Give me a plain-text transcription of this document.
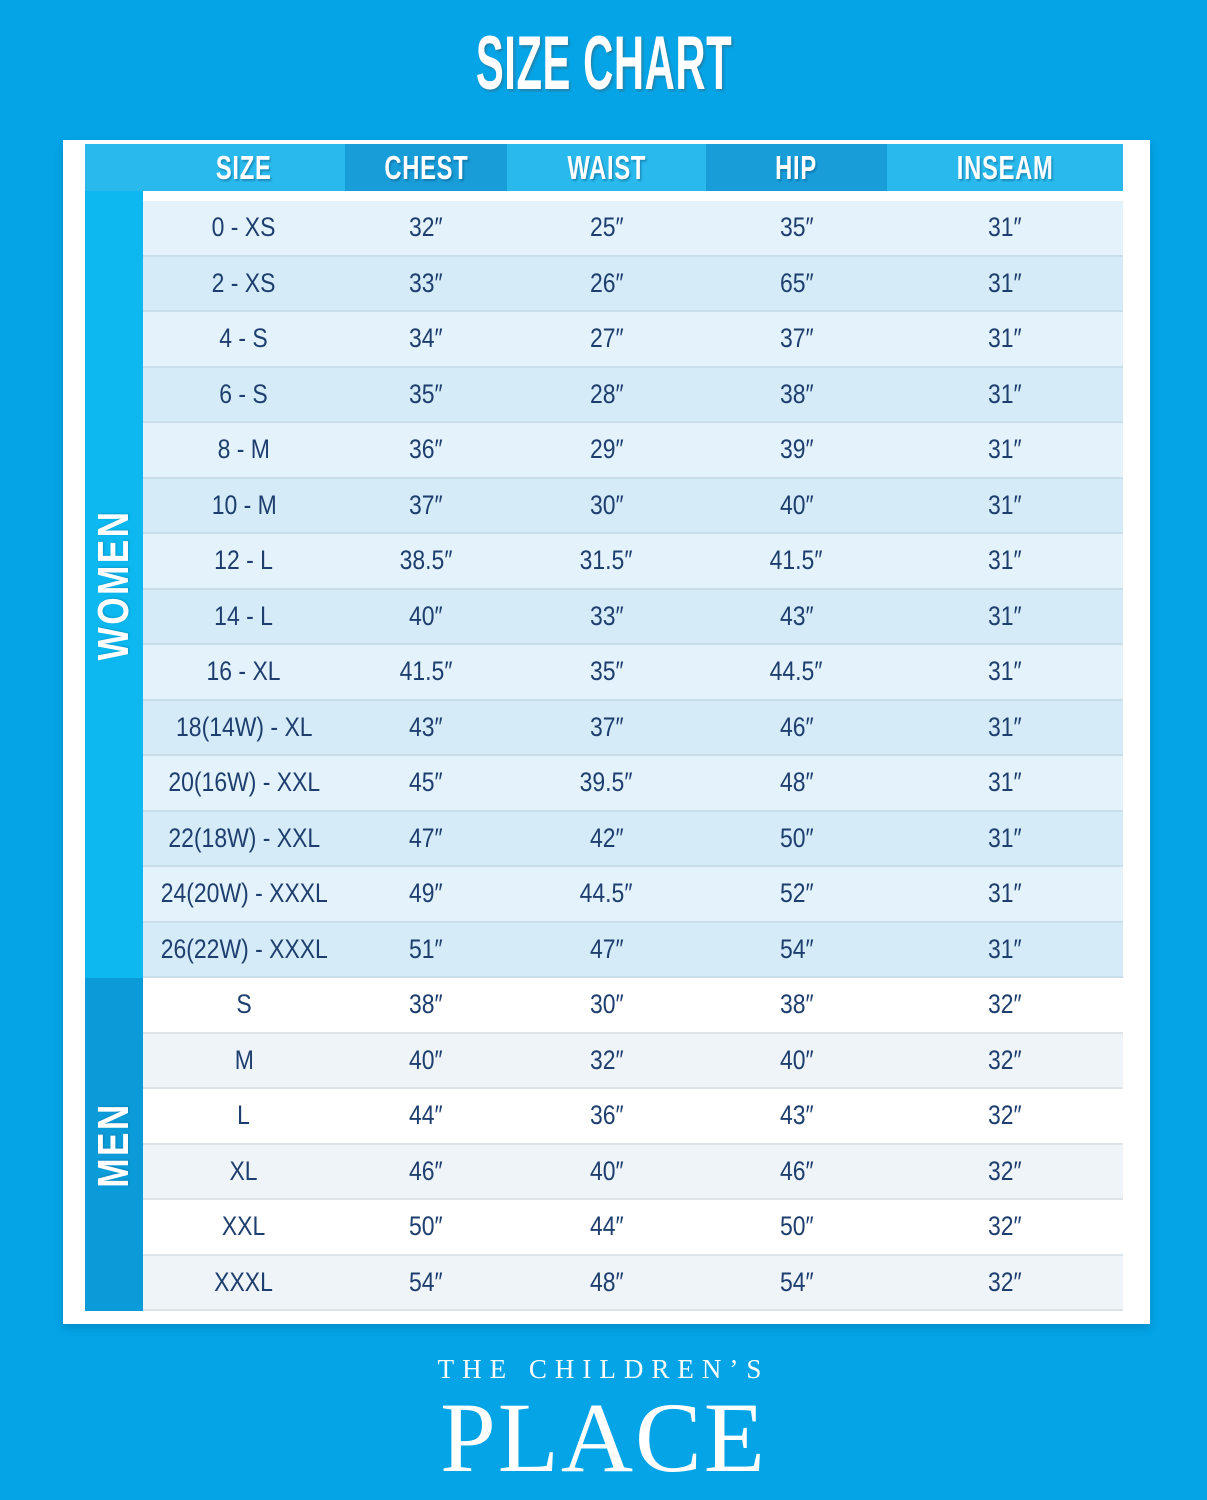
SIZE CHART
SIZE	CHEST	WAIST	HIP	INSEAM
WOMEN
MEN
0 - XS	32″	25″	35″	31″
2 - XS	33″	26″	65″	31″
4 - S	34″	27″	37″	31″
6 - S	35″	28″	38″	31″
8 - M	36″	29″	39″	31″
10 - M	37″	30″	40″	31″
12 - L	38.5″	31.5″	41.5″	31″
14 - L	40″	33″	43″	31″
16 - XL	41.5″	35″	44.5″	31″
18(14W) - XL	43″	37″	46″	31″
20(16W) - XXL	45″	39.5″	48″	31″
22(18W) - XXL	47″	42″	50″	31″
24(20W) - XXXL	49″	44.5″	52″	31″
26(22W) - XXXL	51″	47″	54″	31″
S	38″	30″	38″	32″
M	40″	32″	40″	32″
L	44″	36″	43″	32″
XL	46″	40″	46″	32″
XXL	50″	44″	50″	32″
XXXL	54″	48″	54″	32″
THE CHILDREN’S
PLACE
